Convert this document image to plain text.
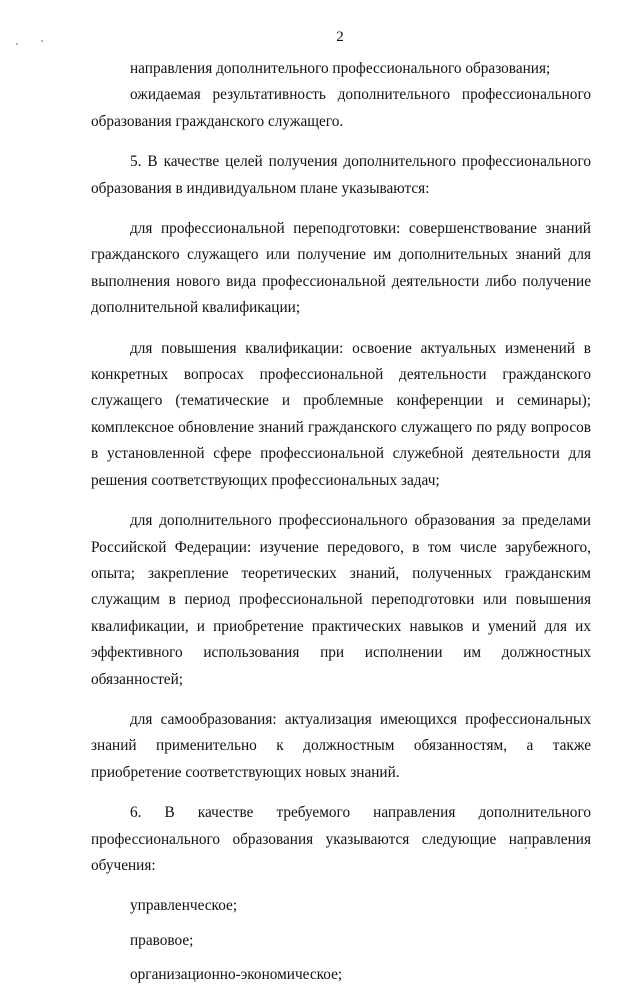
2

направления дополнительного профессионального образования;

ожидаемая результативность дополнительного профессионального образования гражданского служащего.

5. В качестве целей получения дополнительного профессионального образования в индивидуальном плане указываются:

для профессиональной переподготовки: совершенствование знаний гражданского служащего или получение им дополнительных знаний для выполнения нового вида профессиональной деятельности либо получение дополнительной квалификации;

для повышения квалификации: освоение актуальных изменений в конкретных вопросах профессиональной деятельности гражданского служащего (тематические и проблемные конференции и семинары); комплексное обновление знаний гражданского служащего по ряду вопросов в установленной сфере профессиональной служебной деятельности для решения соответствующих профессиональных задач;

для дополнительного профессионального образования за пределами Российской Федерации: изучение передового, в том числе зарубежного, опыта; закрепление теоретических знаний, полученных гражданским служащим в период профессиональной переподготовки или повышения квалификации, и приобретение практических навыков и умений для их эффективного использования при исполнении им должностных обязанностей;

для самообразования: актуализация имеющихся профессиональных знаний применительно к должностным обязанностям, а также приобретение соответствующих новых знаний.

6. В качестве требуемого направления дополнительного профессионального образования указываются следующие направления обучения:

управленческое;

правовое;

организационно-экономическое;
